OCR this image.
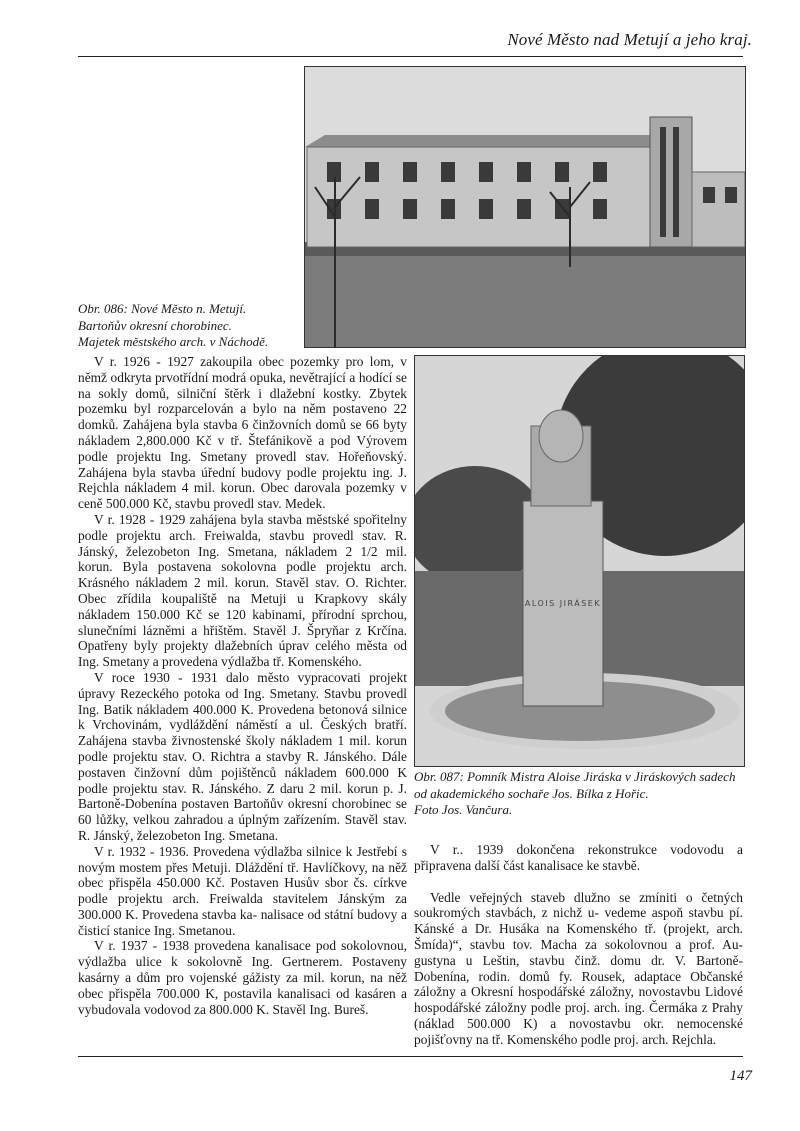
Nové Město nad Metují a jeho kraj.
Obr. 086: Nové Město n. Metují.
Bartoňův okresní chorobinec.
Majetek městského arch. v Náchodě.
ALOIS JIRÁSEK
Obr. 087: Pomník Mistra Aloise Jiráska v Jiráskových sadech
od akademického sochaře Jos. Bílka z Hořic.
Foto Jos. Vančura.

V r. 1926 - 1927 zakoupila obec pozemky pro lom, v němž odkryta prvotřídní modrá opuka, nevětrající a hodící se na sokly domů, silniční štěrk i dlažební kostky. Zbytek pozemku byl rozparcelován a bylo na něm postaveno 22 domků. Zahájena byla stavba 6 činžovních domů se 66 byty nákladem 2,800.000 Kč v tř. Štefánikově a pod Výrovem podle projektu Ing. Smetany provedl stav. Hořeňovský. Zahájena byla stavba úřední budovy podle projektu ing. J. Rejchla nákladem 4 mil. korun. Obec darovala pozemky v ceně 500.000 Kč, stavbu provedl stav. Medek.

V r. 1928 - 1929 zahájena byla stavba městské spořitelny podle projektu arch. Freiwalda, stavbu provedl stav. R. Jánský, železobeton Ing. Smetana, nákladem 2 1/2 mil. korun. Byla postavena sokolovna podle projektu arch. Krásného nákladem 2 mil. korun. Stavěl stav. O. Richter. Obec zřídila koupaliště na Metuji u Krapkovy skály nákladem 150.000 Kč se 120 kabinami, přírodní sprchou, slunečními lázněmi a hřištěm. Stavěl J. Špryňar z Krčína. Opatřeny byly projekty dlažebních úprav celého města od Ing. Smetany a provedena výdlažba tř. Komenského.

V roce 1930 - 1931 dalo město vypracovati projekt úpravy Rezeckého potoka od Ing. Smetany. Stavbu provedl Ing. Batik nákladem 400.000 K. Provedena betonová silnice k Vrchovinám, vydláždění náměstí a ul. Českých bratří. Zahájena stavba živnostenské školy nákladem 1 mil. korun podle projektu stav. O. Richtra a stavby R. Jánského. Dále postaven činžovní dům pojištěnců nákladem 600.000 K podle projektu stav. R. Jánského. Z daru 2 mil. korun p. J. Bartoně-Dobenína postaven Bartoňův okresní chorobinec se 60 lůžky, velkou zahradou a úplným zařízením. Stavěl stav. R. Jánský, železobeton Ing. Smetana.

V r. 1932 - 1936. Provedena výdlažba silnice k Jestřebí s novým mostem přes Metuji. Dláždění tř. Havlíčkovy, na něž obec přispěla 450.000 Kč. Postaven Husův sbor čs. církve podle projektu arch. Freiwalda stavitelem Jánským za 300.000 K. Provedena stavba ka- nalisace od státní budovy a čisticí stanice Ing. Smetanou.

V r. 1937 - 1938 provedena kanalisace pod sokolovnou, výdlažba ulice k sokolovně Ing. Gertnerem. Postaveny kasárny a dům pro vojenské gážisty za mil. korun, na něž obec přispěla 700.000 K, postavila kanalisaci od kasáren a vybudovala vodovod za 800.000 K. Stavěl Ing. Bureš.

V r.. 1939 dokončena rekonstrukce vodovodu a připravena další část kanalisace ke stavbě.

Vedle veřejných staveb dlužno se zmíniti o četných soukromých stavbách, z nichž u- vedeme aspoň stavbu pí. Kánské a Dr. Husáka na Komenského tř. (projekt, arch. Šmída)“, stavbu tov. Macha za sokolovnou a prof. Au- gustyna u Leštin, stavbu činž. domu dr. V. Bartoně-Dobenína, rodin. domů fy. Rousek, adaptace Občanské záložny a Okresní hospodářské záložny, novostavbu Lidové hospodářské záložny podle proj. arch. ing. Čermáka z Prahy (náklad 500.000 K) a novostavbu okr. nemocenské pojišťovny na tř. Komenského podle proj. arch. Rejchla.

147
